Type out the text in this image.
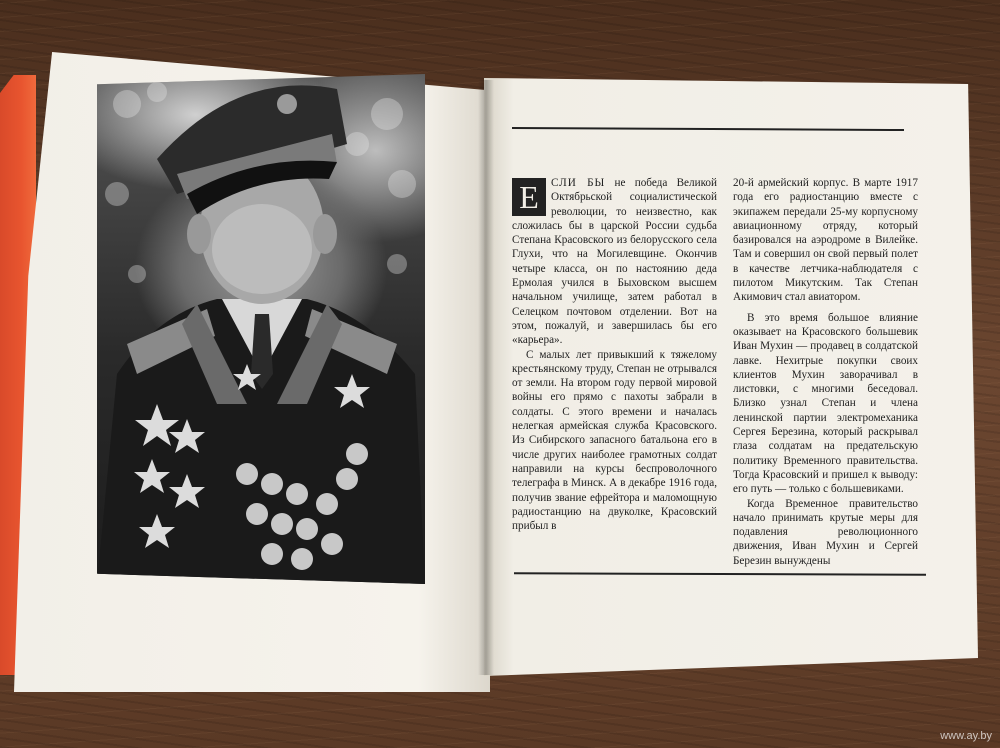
Е	СЛИ БЫ не победа Великой Октябрьской социалистической революции, то неизвестно, как сложилась бы в царской России судьба Степана Красовского из белорусского села Глухи, что на Могилевщине. Окончив четыре класса, он по настоянию деда Ермолая учился в Быховском высшем начальном училище, затем работал в Селецком почтовом отделении. Вот на этом, пожалуй, и завершилась бы его «карьера».

С малых лет привыкший к тяжелому крестьянскому труду, Степан не отрывался от земли. На втором году первой мировой войны его прямо с пахоты забрали в солдаты. С этого времени и началась нелегкая армейская служба Красовского. Из Сибирского запасного батальона его в числе других наиболее грамотных солдат направили на курсы беспроволочного телеграфа в Минск. А в декабре 1916 года, получив звание ефрейтора и маломощную радиостанцию на двуколке, Красовский прибыл в

20-й армейский корпус. В марте 1917 года его радиостанцию вместе с экипажем передали 25-му корпусному авиационному отряду, который базировался на аэродроме в Вилейке. Там и совершил он свой первый полет в качестве летчика-наблюдателя с пилотом Микутским. Так Степан Акимович стал авиатором.

В это время большое влияние оказывает на Красовского большевик Иван Мухин — продавец в солдатской лавке. Нехитрые покупки своих клиентов Мухин заворачивал в листовки, с многими беседовал. Близко узнал Степан и члена ленинской партии электромеханика Сергея Березина, который раскрывал глаза солдатам на предательскую политику Временного правительства. Тогда Красовский и пришел к выводу: его путь — только с большевиками.

Когда Временное правительство начало принимать крутые меры для подавления революционного движения, Иван Мухин и Сергей Березин вынуждены

www.ay.by
